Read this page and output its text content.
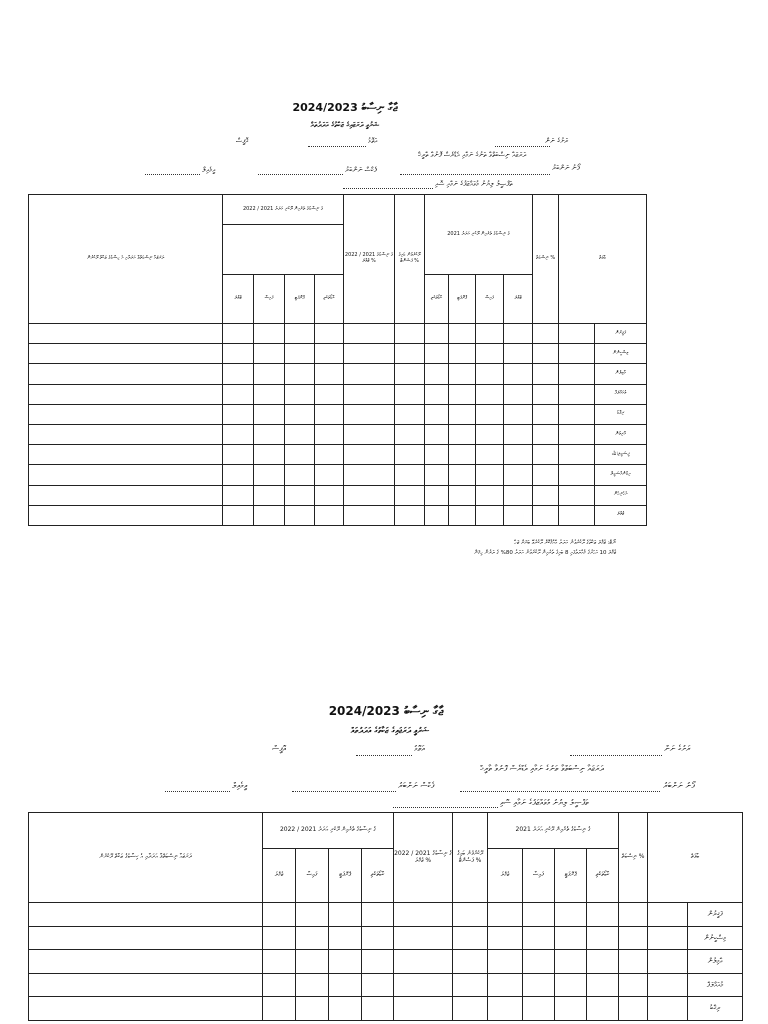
2024/2023 ޖާގާ ނިސާބު
ޝަރުޢީ ދަރަޖައިގެ ޒަކާތުގެ އަދަދުތައް
ރަށުގެ ނަން
އަތޮޅު
އޮފީސް
ދަރަޖައާ ނިސްބަތްވާ ތަނުގެ ނަމާއި އެޑްރެސް ފޮނުވާ ތާރީޚް
ފޯނު ނަންބަރު
ފެކްސް ނަންބަރު
އީމެއިލް
ތަފްޞީލު ލިޔުނު މުވައްޒަފުގެ ނަމާއި ސޮއި
ދަރަޖައާ ނިސްބަތްވާ އަދަދާއި އެ ހިސާބުގެ ޒަކާތް ދޫކުރުން	2022 / 2021 ގެ ނިސާބުގެ ތެރެއިން ދޫކުރި އަދަދު				2022 / 2021 ގެ ނިސާބުގެ ޖުމްލަ %	ދޫކުރެވުނު ބައިގެ ޕަސެންޓް %	2021 ގެ ނިސާބުގެ ތެރެއިން ދޫކުރި އަދަދު				ނިސްބަތް %	ބާވަތް	

	ޖުމްލަ	ފައިސާ	ޕްރޮޕަޓީ	ކާބޯތަކެތި			ކާބޯތަކެތި	ޕްރޮޕަޓީ	ފައިސާ	ޖުމްލަ			
													ފަޤީރުން
													މިސްކީނުން
													ޢާމިލުން
													މުއައްލަފާ
													ރިޤާބު
													ޣާރިމުން
													ފީސަބީލިﷲ
													އިބްނުއްސަބީލް
													އެހެނިހެން
													ޖުމްލަ
ނޯޓް: ޖުމްލަ ޒަކާތުގެ ދޫކުރެވުނު އަދަދު ޢާއްމުކޮށް ދޫކުރެވޭ ބަޔަށް ޖަހާ
ޖުމްލަ 10 އަހަރުގެ މުއްދަތުގައި 8 ބައިގެ ތެރެއިން ދޫކުރެވުނު އަދަދު 80% ގެ ދަށުން ހިމަނާ
2024/2023 ޖާގާ ނިސާބު
ޝަރުޢީ ދަރަޖައިގެ ޒަކާތުގެ އަދަދުތައް
ރަށުގެ ނަން
އަތޮޅު
އޮފީސް
ދަރަޖައާ ނިސްބަތްވާ ތަނުގެ ނަމާއި އެޑްރެސް ފޮނުވާ ތާރީޚް
ފޯނު ނަންބަރު
ފެކްސް ނަންބަރު
އީމެއިލް
ތަފްޞީލު ލިޔުނު މުވައްޒަފުގެ ނަމާއި ސޮއި
ދަރަޖައާ ނިސްބަތްވާ އަދަދާއި އެ ހިސާބުގެ ޒަކާތް ދޫކުރުން	2022 / 2021 ގެ ނިސާބުގެ ތެރެއިން ދޫކުރި އަދަދު				2022 / 2021 ގެ ނިސާބުގެ ޖުމްލަ %	ދޫކުރެވުނު ބައިގެ ޕަސެންޓް %	2021 ގެ ނިސާބުގެ ތެރެއިން ދޫކުރި އަދަދު				ނިސްބަތް %	ބާވަތް	
	ޖުމްލަ	ފައިސާ	ޕްރޮޕަޓީ	ކާބޯތަކެތި			ޖުމްލަ	ފައިސާ	ޕްރޮޕަޓީ	ކާބޯތަކެތި			
													ފަޤީރުން
													މިސްކީނުން
													ޢާމިލުން
													މުއައްލަފާ
													ރިޤާބު
